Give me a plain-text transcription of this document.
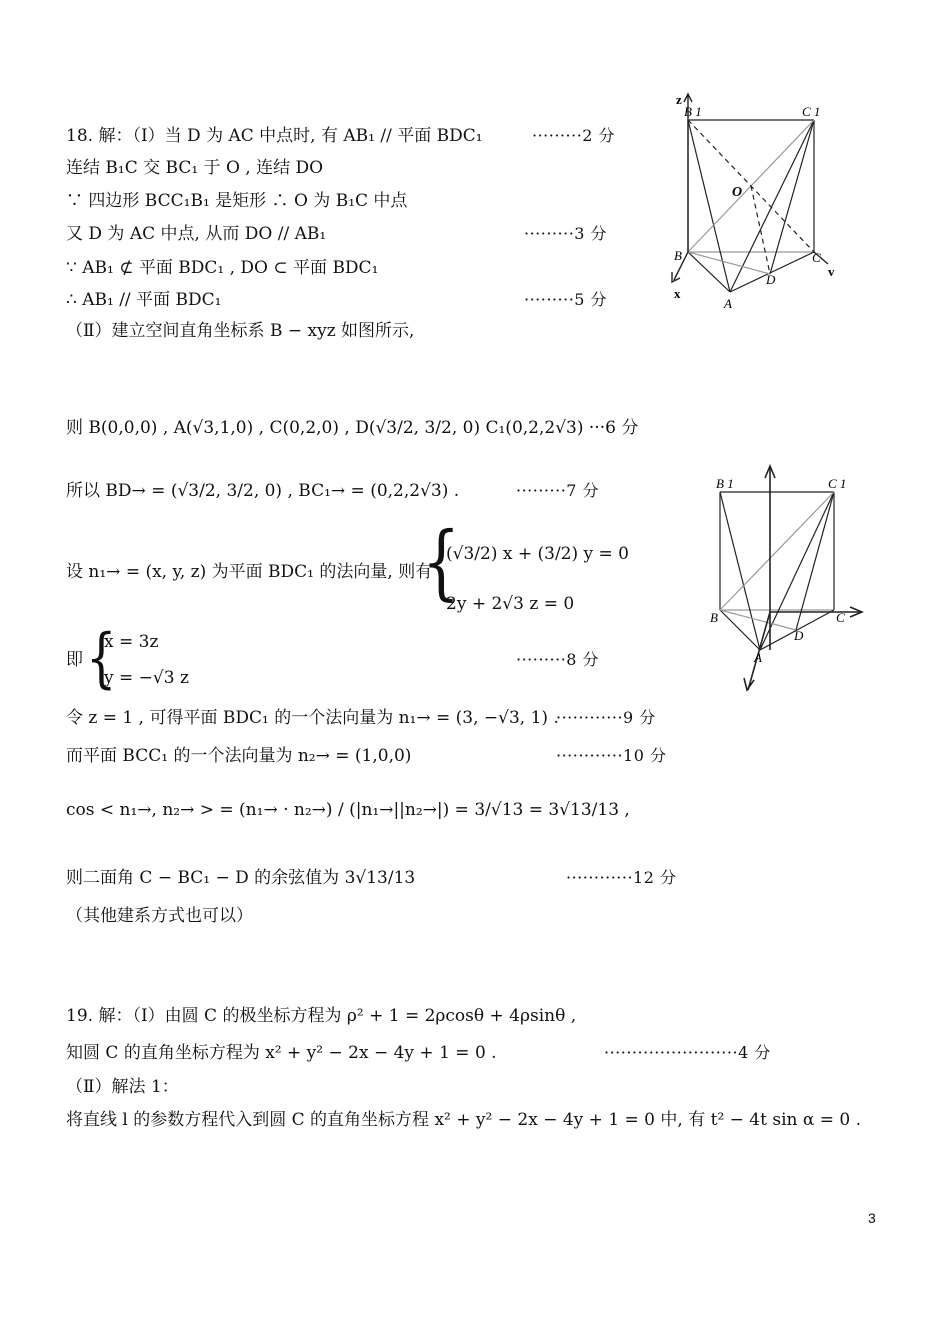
18. 解：（Ⅰ）当 D 为 AC 中点时, 有 AB₁ // 平面 BDC₁	·········2 分
连结 B₁C 交 BC₁ 于 O , 连结 DO
∵ 四边形 BCC₁B₁ 是矩形 ∴ O 为 B₁C 中点
又 D 为 AC 中点, 从而 DO // AB₁	·········3 分
∵ AB₁ ⊄ 平面 BDC₁ , DO ⊂ 平面 BDC₁
∴ AB₁ // 平面 BDC₁	·········5 分
（Ⅱ）建立空间直角坐标系 B − xyz 如图所示,
则 B(0,0,0) , A(√3,1,0) , C(0,2,0) , D(√3/2, 3/2, 0) C₁(0,2,2√3) ···6 分
所以 BD→ = (√3/2, 3/2, 0) , BC₁→ = (0,2,2√3) .	·········7 分
设 n₁→ = (x, y, z) 为平面 BDC₁ 的法向量, 则有
{
(√3/2) x + (3/2) y = 0
2y + 2√3 z = 0
即 {
x = 3z
y = −√3 z
·········8 分
令 z = 1 , 可得平面 BDC₁ 的一个法向量为 n₁→ = (3, −√3, 1) .
············9 分
而平面 BCC₁ 的一个法向量为 n₂→ = (1,0,0)	············10 分
cos < n₁→, n₂→ > = (n₁→ · n₂→) / (|n₁→||n₂→|) = 3/√13 = 3√13/13 ,
则二面角 C − BC₁ − D 的余弦值为 3√13/13	············12 分
（其他建系方式也可以）
19. 解：（Ⅰ）由圆 C 的极坐标方程为 ρ² + 1 = 2ρcosθ + 4ρsinθ ,
知圆 C 的直角坐标方程为 x² + y² − 2x − 4y + 1 = 0 .	························4 分
（Ⅱ）解法 1：
将直线 l 的参数方程代入到圆 C 的直角坐标方程 x² + y² − 2x − 4y + 1 = 0 中, 有 t² − 4t sin α = 0 .
z
B 1	C 1
O
B	C
v
D
A
x
B 1	C 1
B	C
D
A
3
